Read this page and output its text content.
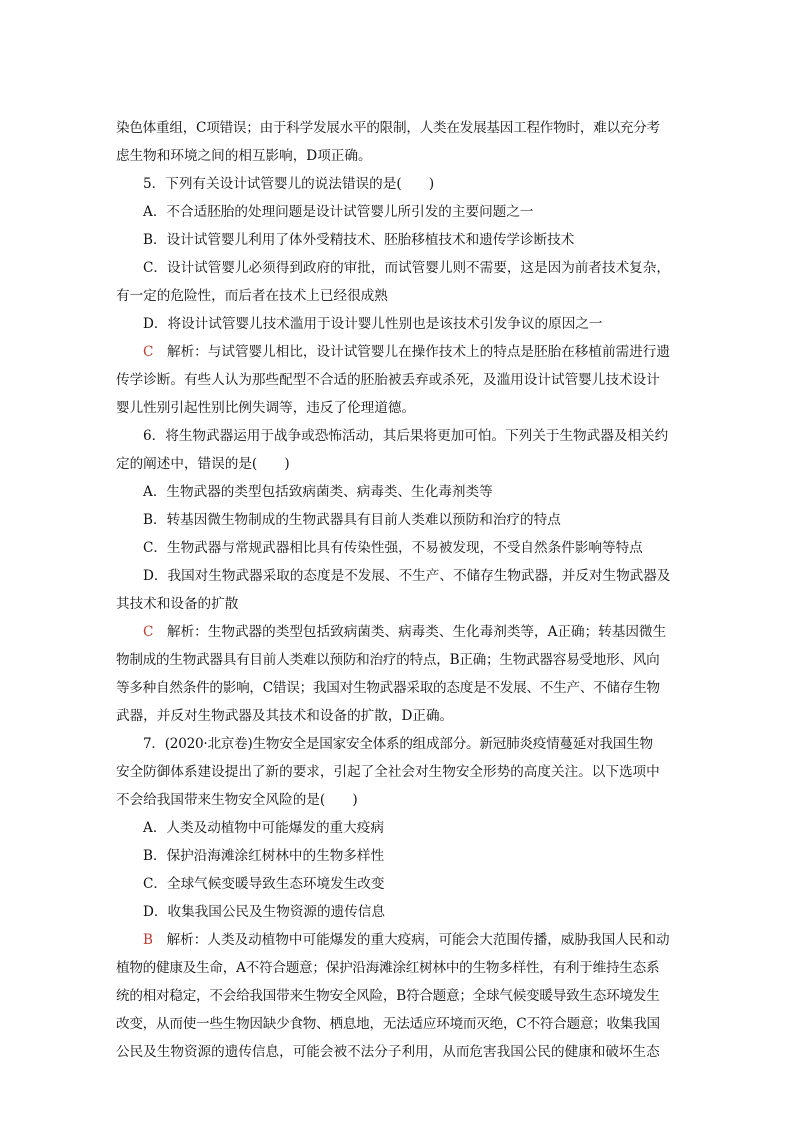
染色体重组，C项错误；由于科学发展水平的限制，人类在发展基因工程作物时，难以充分考
虑生物和环境之间的相互影响，D项正确。
5．下列有关设计试管婴儿的说法错误的是(　　)
A．不合适胚胎的处理问题是设计试管婴儿所引发的主要问题之一
B．设计试管婴儿利用了体外受精技术、胚胎移植技术和遗传学诊断技术
C．设计试管婴儿必须得到政府的审批，而试管婴儿则不需要，这是因为前者技术复杂，
有一定的危险性，而后者在技术上已经很成熟
D．将设计试管婴儿技术滥用于设计婴儿性别也是该技术引发争议的原因之一
C　解析：与试管婴儿相比，设计试管婴儿在操作技术上的特点是胚胎在移植前需进行遗
传学诊断。有些人认为那些配型不合适的胚胎被丢弃或杀死，及滥用设计试管婴儿技术设计
婴儿性别引起性别比例失调等，违反了伦理道德。
6．将生物武器运用于战争或恐怖活动，其后果将更加可怕。下列关于生物武器及相关约
定的阐述中，错误的是(　　)
A．生物武器的类型包括致病菌类、病毒类、生化毒剂类等
B．转基因微生物制成的生物武器具有目前人类难以预防和治疗的特点
C．生物武器与常规武器相比具有传染性强，不易被发现，不受自然条件影响等特点
D．我国对生物武器采取的态度是不发展、不生产、不储存生物武器，并反对生物武器及
其技术和设备的扩散
C　解析：生物武器的类型包括致病菌类、病毒类、生化毒剂类等，A正确；转基因微生
物制成的生物武器具有目前人类难以预防和治疗的特点，B正确；生物武器容易受地形、风向
等多种自然条件的影响，C错误；我国对生物武器采取的态度是不发展、不生产、不储存生物
武器，并反对生物武器及其技术和设备的扩散，D正确。
7．(2020·北京卷)生物安全是国家安全体系的组成部分。新冠肺炎疫情蔓延对我国生物
安全防御体系建设提出了新的要求，引起了全社会对生物安全形势的高度关注。以下选项中
不会给我国带来生物安全风险的是(　　)
A．人类及动植物中可能爆发的重大疫病
B．保护沿海滩涂红树林中的生物多样性
C．全球气候变暖导致生态环境发生改变
D．收集我国公民及生物资源的遗传信息
B　解析：人类及动植物中可能爆发的重大疫病，可能会大范围传播，威胁我国人民和动
植物的健康及生命，A不符合题意；保护沿海滩涂红树林中的生物多样性，有利于维持生态系
统的相对稳定，不会给我国带来生物安全风险，B符合题意；全球气候变暖导致生态环境发生
改变，从而使一些生物因缺少食物、栖息地，无法适应环境而灭绝，C不符合题意；收集我国
公民及生物资源的遗传信息，可能会被不法分子利用，从而危害我国公民的健康和破坏生态
